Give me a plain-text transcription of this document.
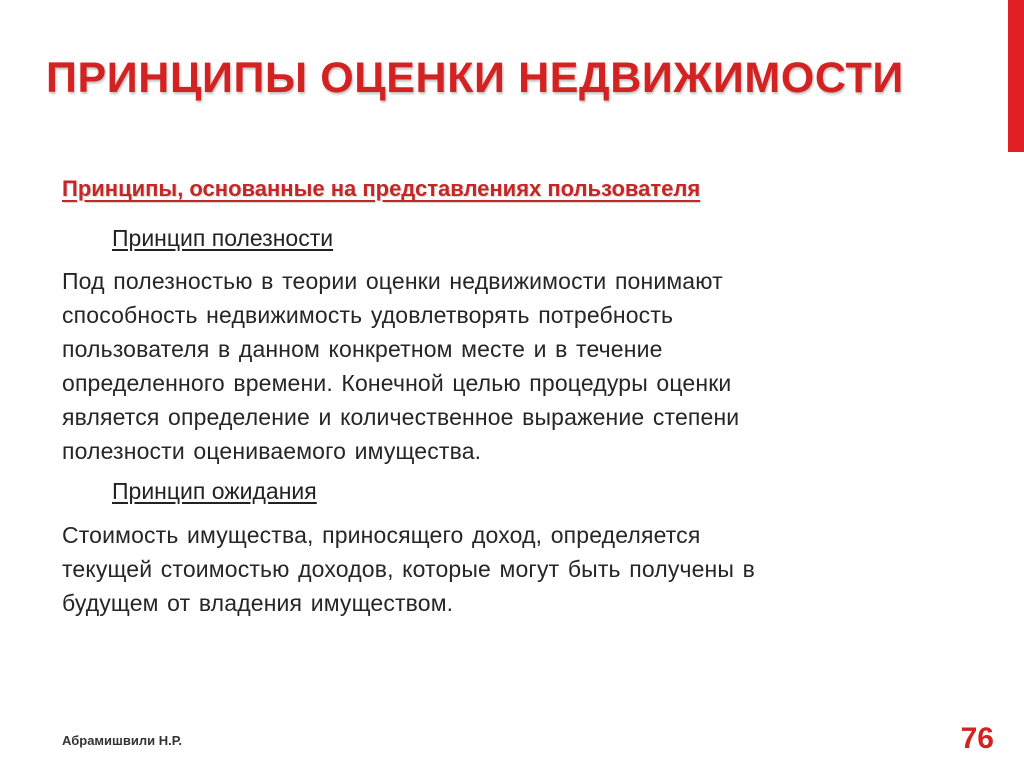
ПРИНЦИПЫ ОЦЕНКИ НЕДВИЖИМОСТИ
Принципы, основанные на представлениях пользователя
Принцип полезности

Под полезностью в теории оценки недвижимости понимают
способность недвижимость удовлетворять потребность
пользователя в данном конкретном месте и в течение
определенного времени. Конечной целью процедуры оценки
является определение и количественное выражение степени
полезности оцениваемого имущества.

Принцип ожидания

Стоимость имущества, приносящего доход, определяется
текущей стоимостью доходов, которые могут быть получены в
будущем от владения имуществом.

Абрамишвили Н.Р.	76
